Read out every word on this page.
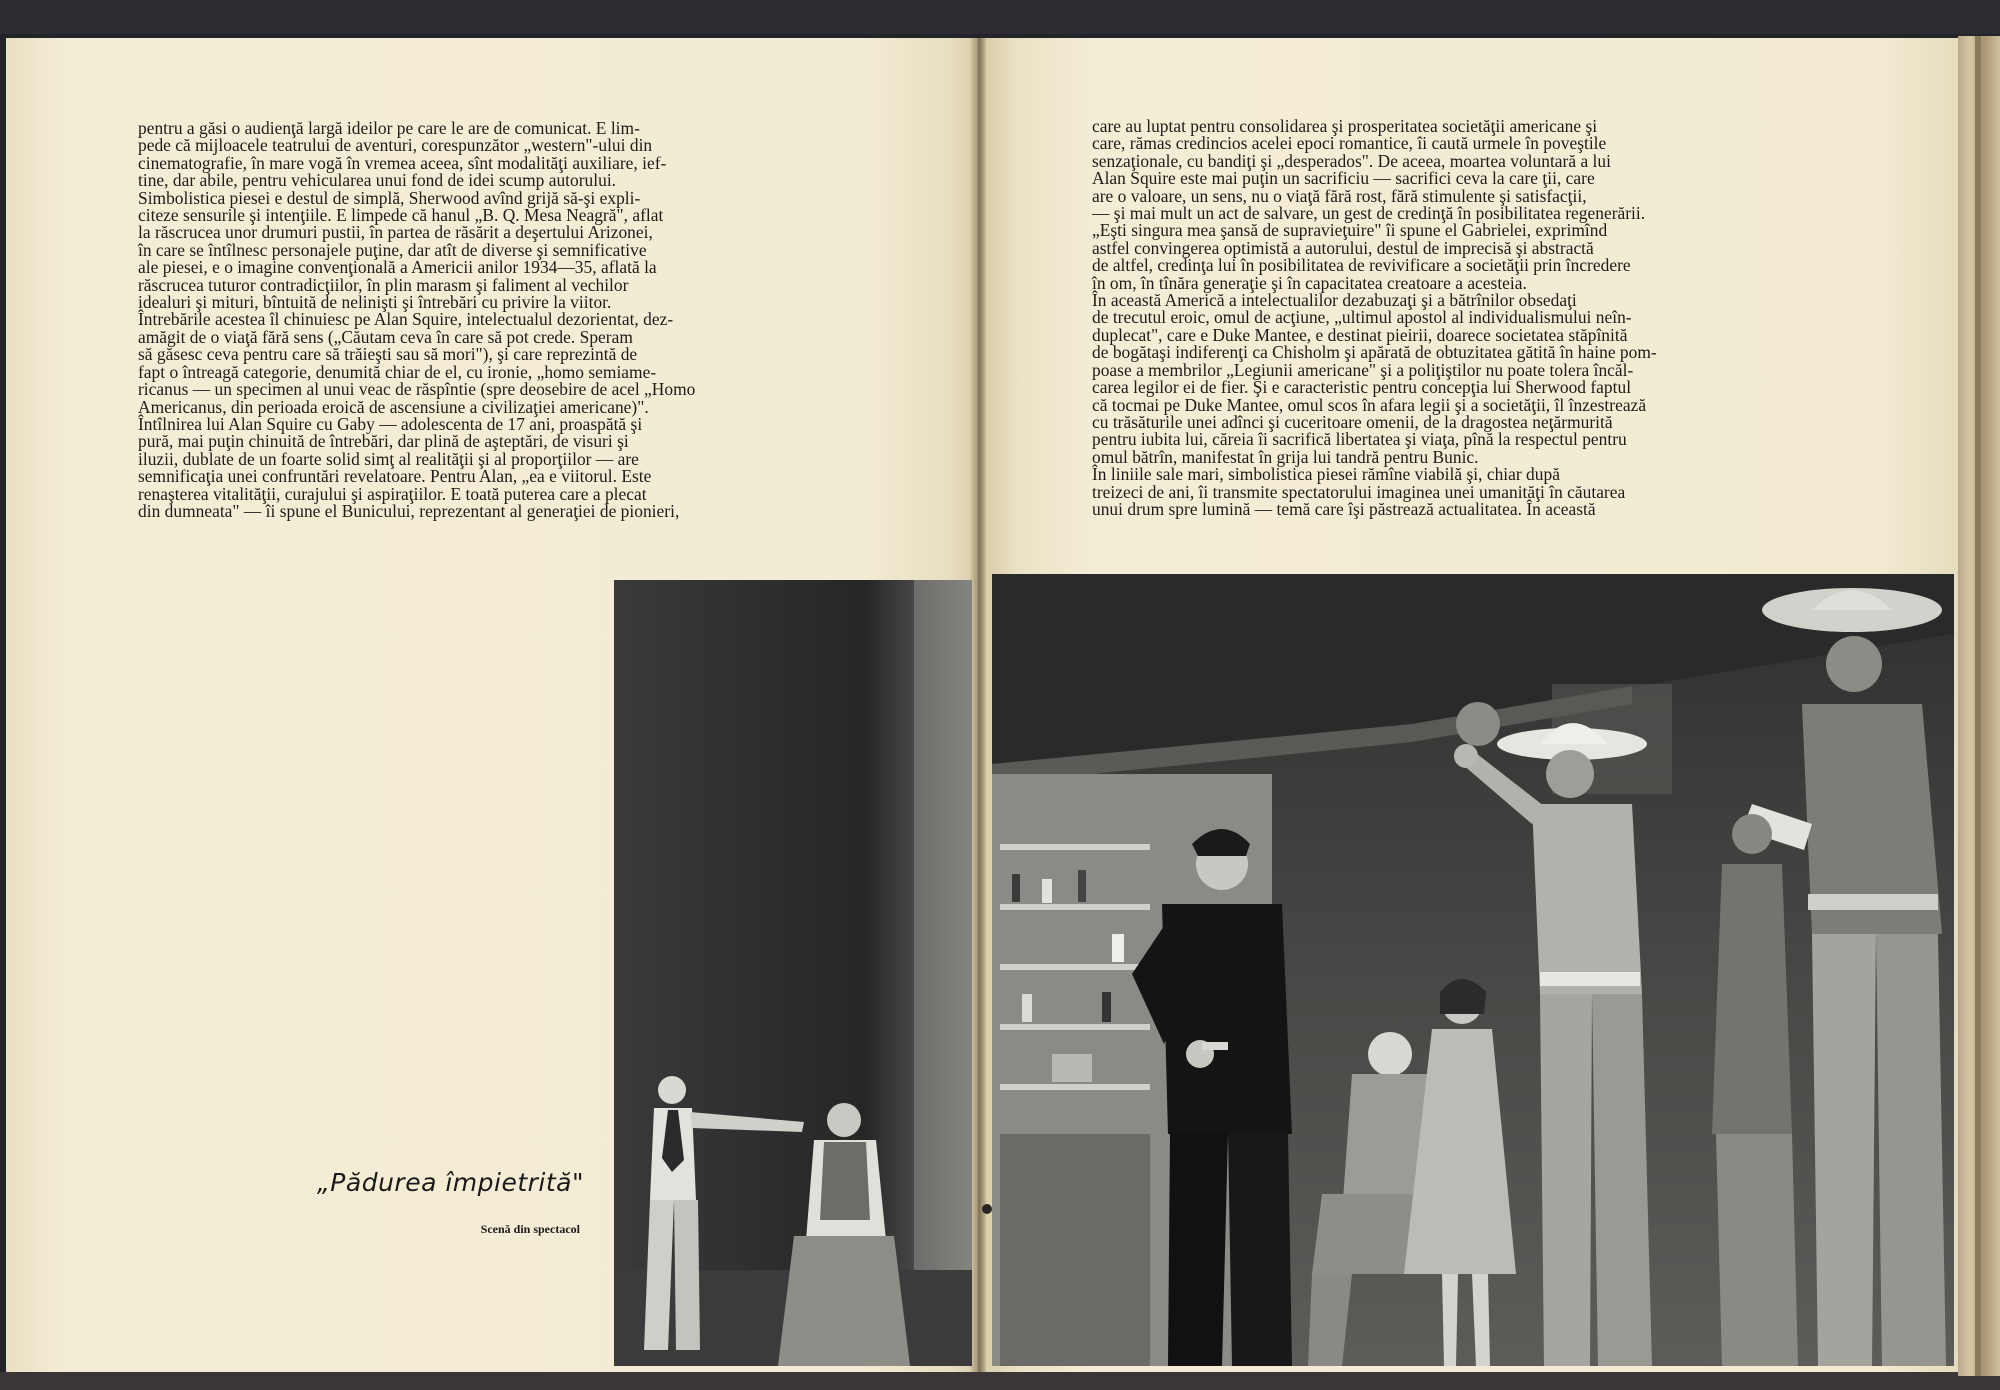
pentru a găsi o audienţă largă ideilor pe care le are de comunicat. E lim-
pede că mijloacele teatrului de aventuri, corespunzător „western"-ului din
cinematografie, în mare vogă în vremea aceea, sînt modalităţi auxiliare, ief-
tine, dar abile, pentru vehicularea unui fond de idei scump autorului.
Simbolistica piesei e destul de simplă, Sherwood avînd grijă să-şi expli-
citeze sensurile şi intenţiile. E limpede că hanul „B. Q. Mesa Neagră", aflat
la răscrucea unor drumuri pustii, în partea de răsărit a deşertului Arizonei,
în care se întîlnesc personajele puţine, dar atît de diverse şi semnificative
ale piesei, e o imagine convenţională a Americii anilor 1934—35, aflată la
răscrucea tuturor contradicţiilor, în plin marasm şi faliment al vechilor
idealuri şi mituri, bîntuită de nelinişti şi întrebări cu privire la viitor.
Întrebările acestea îl chinuiesc pe Alan Squire, intelectualul dezorientat, dez-
amăgit de o viaţă fără sens („Căutam ceva în care să pot crede. Speram
să găsesc ceva pentru care să trăieşti sau să mori"), şi care reprezintă de
fapt o întreagă categorie, denumită chiar de el, cu ironie, „homo semiame-
ricanus — un specimen al unui veac de răspîntie (spre deosebire de acel „Homo
Americanus, din perioada eroică de ascensiune a civilizaţiei americane)".
Întîlnirea lui Alan Squire cu Gaby — adolescenta de 17 ani, proaspătă şi
pură, mai puţin chinuită de întrebări, dar plină de aşteptări, de visuri şi
iluzii, dublate de un foarte solid simţ al realităţii şi al proporţiilor — are
semnificaţia unei confruntări revelatoare. Pentru Alan, „ea e viitorul. Este
renaşterea vitalităţii, curajului şi aspiraţiilor. E toată puterea care a plecat
din dumneata" — îi spune el Bunicului, reprezentant al generaţiei de pionieri,

care au luptat pentru consolidarea şi prosperitatea societăţii americane şi
care, rămas credincios acelei epoci romantice, îi caută urmele în poveştile
senzaţionale, cu bandiţi şi „desperados". De aceea, moartea voluntară a lui
Alan Squire este mai puţin un sacrificiu — sacrifici ceva la care ţii, care
are o valoare, un sens, nu o viaţă fără rost, fără stimulente şi satisfacţii,
— şi mai mult un act de salvare, un gest de credinţă în posibilitatea regenerării.
„Eşti singura mea şansă de supravieţuire" îi spune el Gabrielei, exprimînd
astfel convingerea optimistă a autorului, destul de imprecisă şi abstractă
de altfel, credinţa lui în posibilitatea de revivificare a societăţii prin încredere
în om, în tînăra generaţie şi în capacitatea creatoare a acesteia.
În această Americă a intelectualilor dezabuzaţi şi a bătrînilor obsedaţi
de trecutul eroic, omul de acţiune, „ultimul apostol al individualismului neîn-
duplecat", care e Duke Mantee, e destinat pieirii, doarece societatea stăpînită
de bogătaşi indiferenţi ca Chisholm şi apărată de obtuzitatea gătită în haine pom-
poase a membrilor „Legiunii americane" şi a poliţiştilor nu poate tolera încăl-
carea legilor ei de fier. Şi e caracteristic pentru concepţia lui Sherwood faptul
că tocmai pe Duke Mantee, omul scos în afara legii şi a societăţii, îl înzestrează
cu trăsăturile unei adînci şi cuceritoare omenii, de la dragostea neţărmurită
pentru iubita lui, căreia îi sacrifică libertatea şi viaţa, pînă la respectul pentru
omul bătrîn, manifestat în grija lui tandră pentru Bunic.
În liniile sale mari, simbolistica piesei rămîne viabilă şi, chiar după
treizeci de ani, îi transmite spectatorului imaginea unei umanităţi în căutarea
unui drum spre lumină — temă care îşi păstrează actualitatea. În această

„Pădurea împietrită"
Scenă din spectacol
